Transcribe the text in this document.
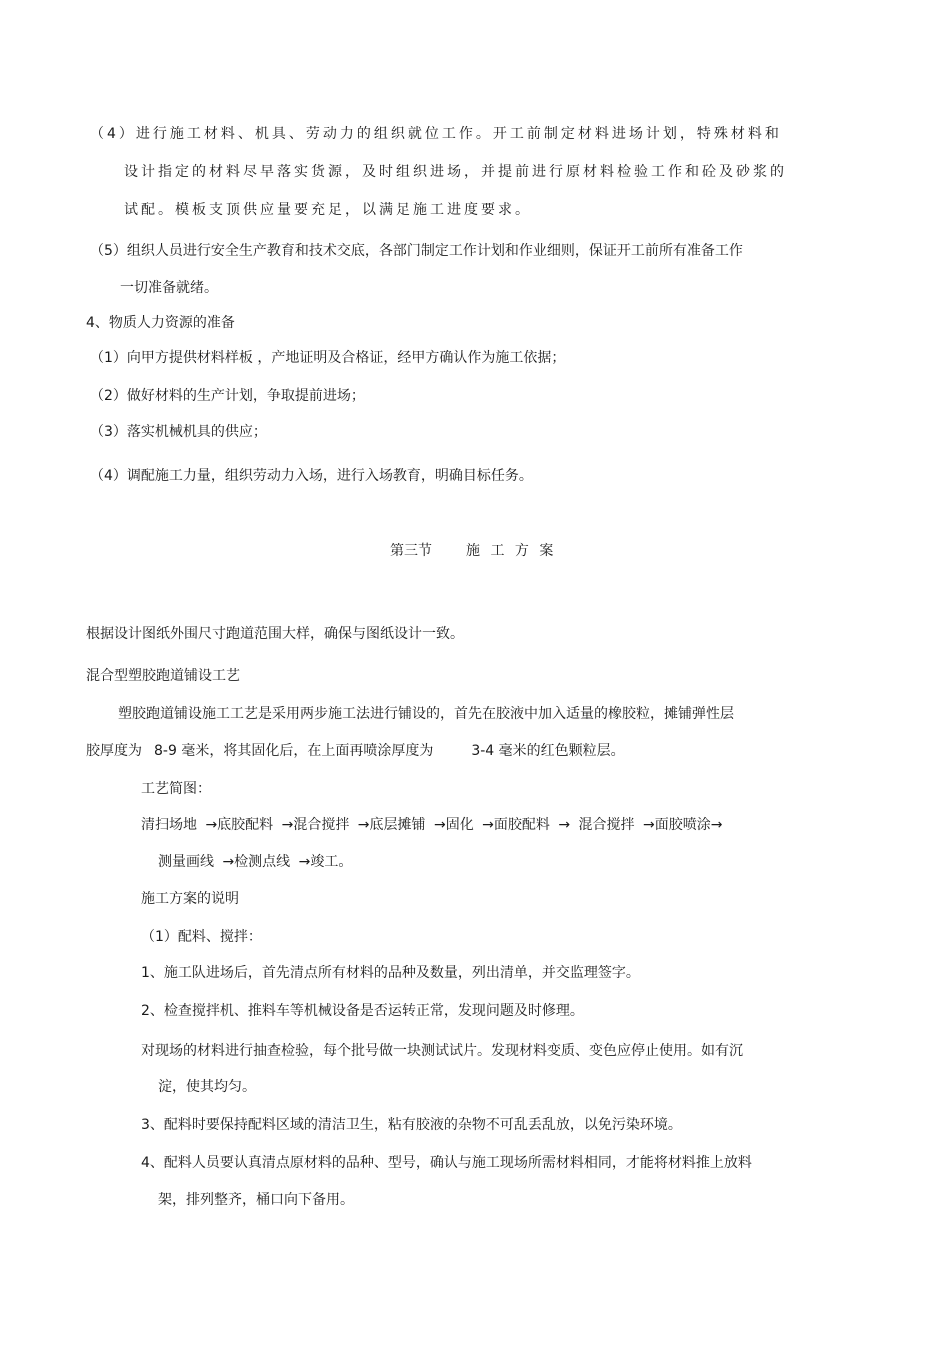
（4）进行施工材料、机具、劳动力的组织就位工作。开工前制定材料进场计划，特殊材料和
设计指定的材料尽早落实货源，及时组织进场，并提前进行原材料检验工作和砼及砂浆的
试配。模板支顶供应量要充足，以满足施工进度要求。
（5）组织人员进行安全生产教育和技术交底，各部门制定工作计划和作业细则，保证开工前所有准备工作
一切准备就绪。
4、物质人力资源的准备
（1）向甲方提供材料样板 ，产地证明及合格证，经甲方确认作为施工依据；
（2）做好材料的生产计划，争取提前进场；
（3）落实机械机具的供应；
（4）调配施工力量，组织劳动力入场，进行入场教育，明确目标任务。
第三节 施 工 方 案
根据设计图纸外围尺寸跑道范围大样，确保与图纸设计一致。
混合型塑胶跑道铺设工艺
塑胶跑道铺设施工工艺是采用两步施工法进行铺设的，首先在胶液中加入适量的橡胶粒，摊铺弹性层
胶厚度为 8-9 毫米，将其固化后，在上面再喷涂厚度为	3-4 毫米的红色颗粒层。
工艺简图：
清扫场地 →底胶配料 →混合搅拌 →底层摊铺 →固化 →面胶配料 → 混合搅拌 →面胶喷涂→
测量画线 →检测点线 →竣工。
施工方案的说明
（1）配料、搅拌：
1、施工队进场后，首先清点所有材料的品种及数量，列出清单，并交监理签字。
2、检查搅拌机、推料车等机械设备是否运转正常，发现问题及时修理。
对现场的材料进行抽查检验，每个批号做一块测试试片。发现材料变质、变色应停止使用。如有沉
淀，使其均匀。
3、配料时要保持配料区域的清洁卫生，粘有胶液的杂物不可乱丢乱放，以免污染环境。
4、配料人员要认真清点原材料的品种、型号，确认与施工现场所需材料相同，才能将材料推上放料
架，排列整齐，桶口向下备用。
